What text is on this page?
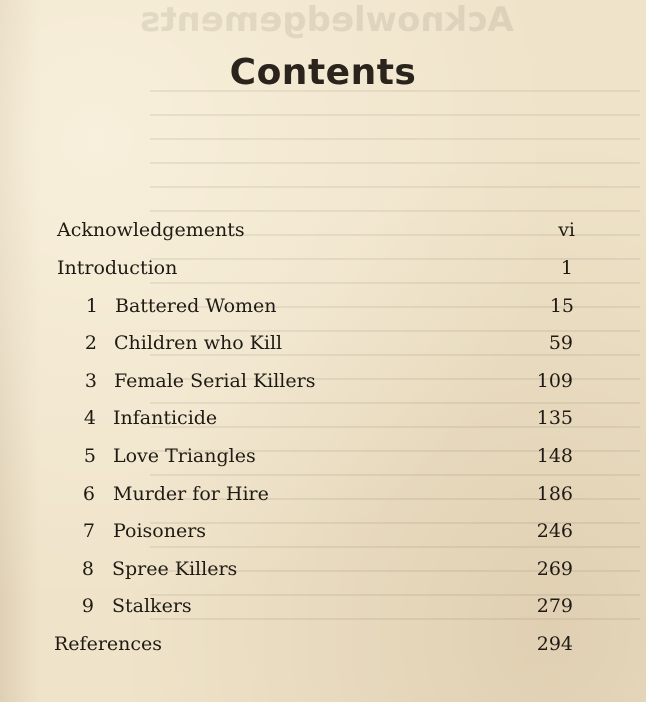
Acknowledgements
Contents
Acknowledgements	vi
Introduction	1
1 Battered Women	15
2 Children who Kill	59
3 Female Serial Killers	109
4 Infanticide	135
5 Love Triangles	148
6 Murder for Hire	186
7 Poisoners	246
8 Spree Killers	269
9 Stalkers	279
References	294
